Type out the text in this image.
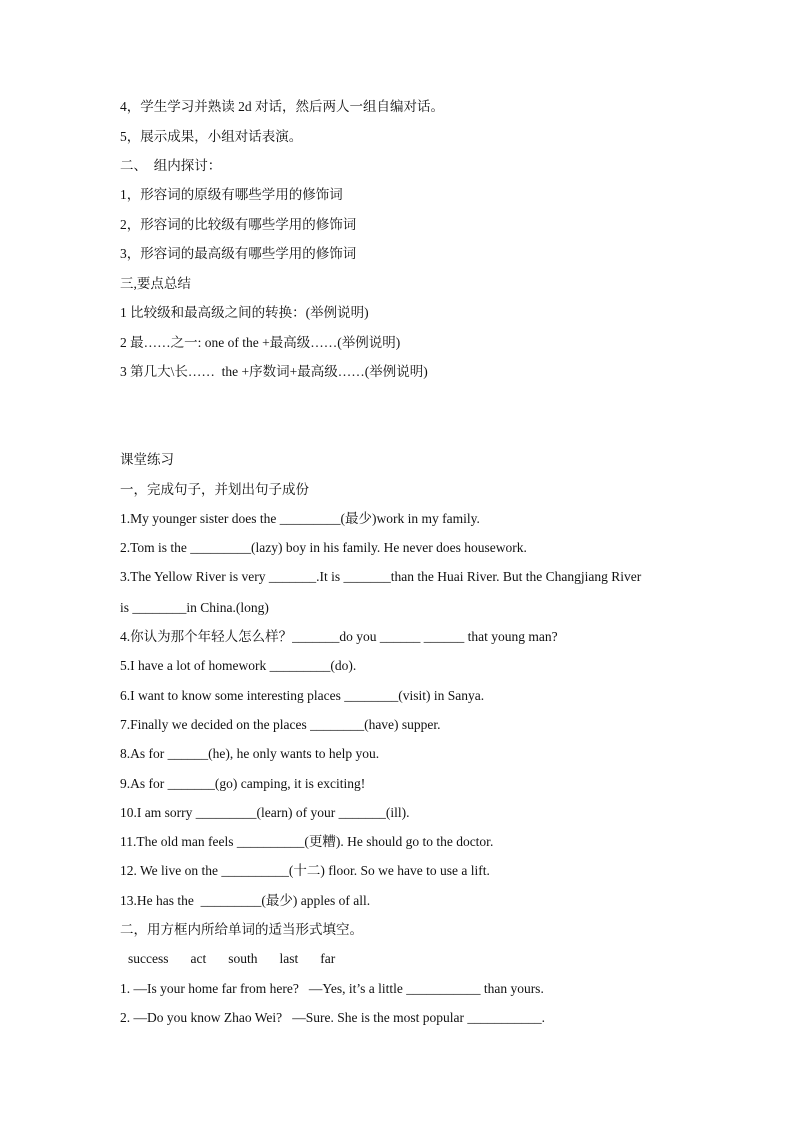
4，学生学习并熟读 2d 对话，然后两人一组自编对话。
5，展示成果，小组对话表演。
二、  组内探讨：
1，形容词的原级有哪些学用的修饰词
2，形容词的比较级有哪些学用的修饰词
3，形容词的最高级有哪些学用的修饰词
三,要点总结
1 比较级和最高级之间的转换：(举例说明)
2 最……之一: one of the +最高级……(举例说明)
3 第几大\长……  the +序数词+最高级……(举例说明)
课堂练习
一，完成句子，并划出句子成份
1.My younger sister does the _________(最少)work in my family.
2.Tom is the _________(lazy) boy in his family. He never does housework.
3.The Yellow River is very _______.It is _______than the Huai River. But the Changjiang River
is ________in China.(long)
4.你认为那个年轻人怎么样？_______do you ______ ______ that young man?
5.I have a lot of homework _________(do).
6.I want to know some interesting places ________(visit) in Sanya.
7.Finally we decided on the places ________(have) supper.
8.As for ______(he), he only wants to help you.
9.As for _______(go) camping, it is exciting!
10.I am sorry _________(learn) of your _______(ill).
11.The old man feels __________(更糟). He should go to the doctor.
12. We live on the __________(十二) floor. So we have to use a lift.
13.He has the  _________(最少) apples of all.
二，用方框内所给单词的适当形式填空。
success act south last far
1. —Is your home far from here?   —Yes, it’s a little ___________ than yours.
2. —Do you know Zhao Wei?   —Sure. She is the most popular ___________.
